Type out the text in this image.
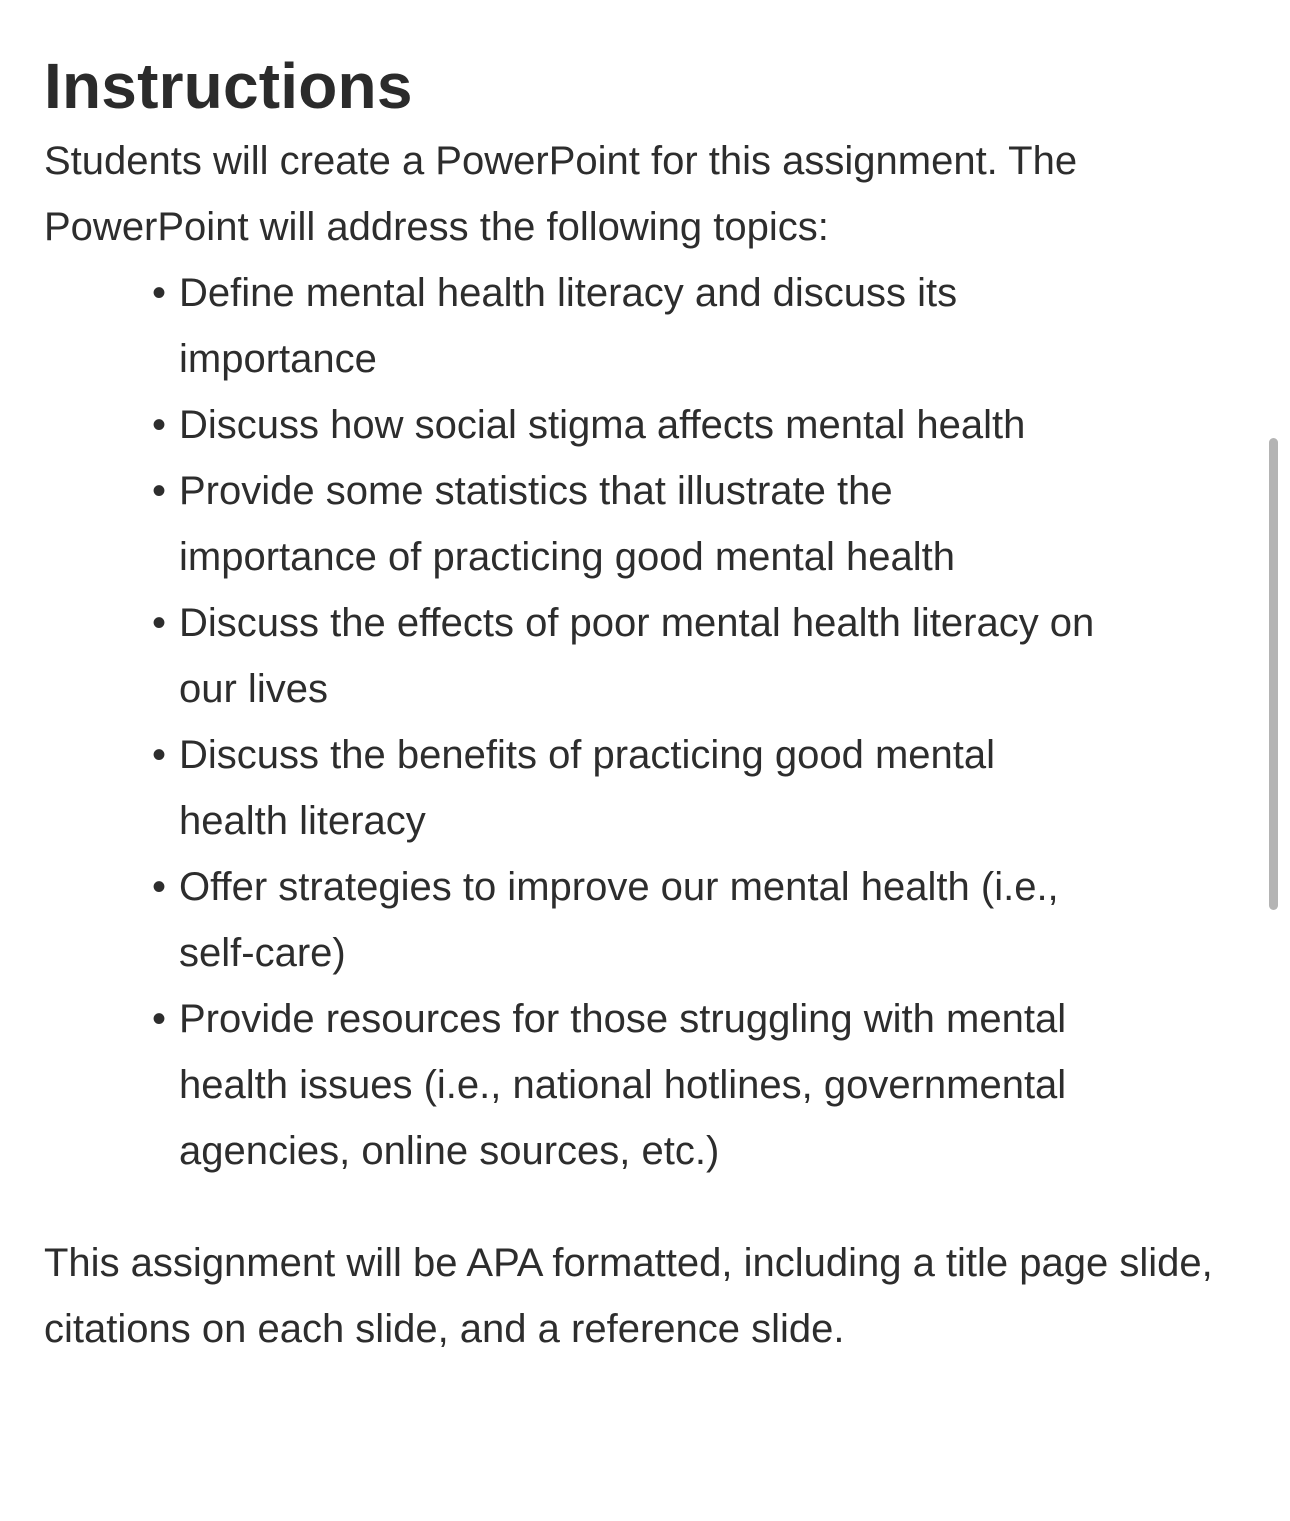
Instructions

Students will create a PowerPoint for this assignment. The PowerPoint will address the following topics:

• Define mental health literacy and discuss its importance
• Discuss how social stigma affects mental health
• Provide some statistics that illustrate the importance of practicing good mental health
• Discuss the effects of poor mental health literacy on our lives
• Discuss the benefits of practicing good mental health literacy
• Offer strategies to improve our mental health (i.e., self-care)
• Provide resources for those struggling with mental health issues (i.e., national hotlines, governmental agencies, online sources, etc.)

This assignment will be APA formatted, including a title page slide, citations on each slide, and a reference slide.
